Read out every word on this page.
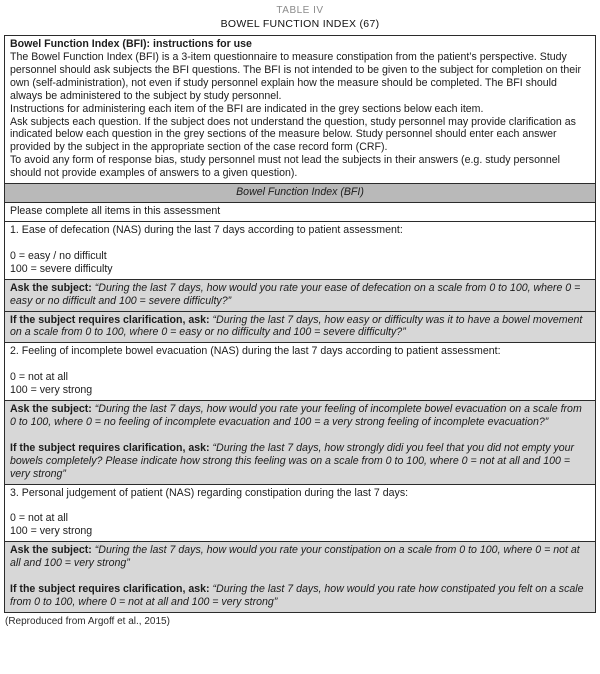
TABLE IV
BOWEL FUNCTION INDEX (67)
Bowel Function Index (BFI): instructions for use
The Bowel Function Index (BFI) is a 3-item questionnaire to measure constipation from the patient’s perspective. Study personnel should ask subjects the BFI questions. The BFI is not intended to be given to the subject for completion on their own (self-administration), not even if study personnel explain how the measure should be completed. The BFI should always be administered to the subject by study personnel.
Instructions for administering each item of the BFI are indicated in the grey sections below each item.
Ask subjects each question. If the subject does not understand the question, study personnel may provide clarification as indicated below each question in the grey sections of the measure below. Study personnel should enter each answer provided by the subject in the appropriate section of the case record form (CRF).
To avoid any form of response bias, study personnel must not lead the subjects in their answers (e.g. study personnel should not provide examples of answers to a given question).
Bowel Function Index (BFI)
Please complete all items in this assessment
1. Ease of defecation (NAS) during the last 7 days according to patient assessment:

0 = easy / no difficult
100 = severe difficulty
Ask the subject: “During the last 7 days, how would you rate your ease of defecation on a scale from 0 to 100, where 0 = easy or no difficult and 100 = severe difficulty?”
If the subject requires clarification, ask: “During the last 7 days, how easy or difficulty was it to have a bowel movement on a scale from 0 to 100, where 0 = easy or no difficulty and 100 = severe difficulty?”
2. Feeling of incomplete bowel evacuation (NAS) during the last 7 days according to patient assessment:

0 = not at all
100 = very strong
Ask the subject: “During the last 7 days, how would you rate your feeling of incomplete bowel evacuation on a scale from 0 to 100, where 0 = no feeling of incomplete evacuation and 100 = a very strong feeling of incomplete evacuation?”

If the subject requires clarification, ask: “During the last 7 days, how strongly didi you feel that you did not empty your bowels completely? Please indicate how strong this feeling was on a scale from 0 to 100, where 0 = not at all and 100 = very strong”
3. Personal judgement of patient (NAS) regarding constipation during the last 7 days:

0 = not at all
100 = very strong
Ask the subject: “During the last 7 days, how would you rate your constipation on a scale from 0 to 100, where 0 = not at all and 100 = very strong”

If the subject requires clarification, ask: “During the last 7 days, how would you rate how constipated you felt on a scale from 0 to 100, where 0 = not at all and 100 = very strong”
(Reproduced from Argoff et al., 2015)
